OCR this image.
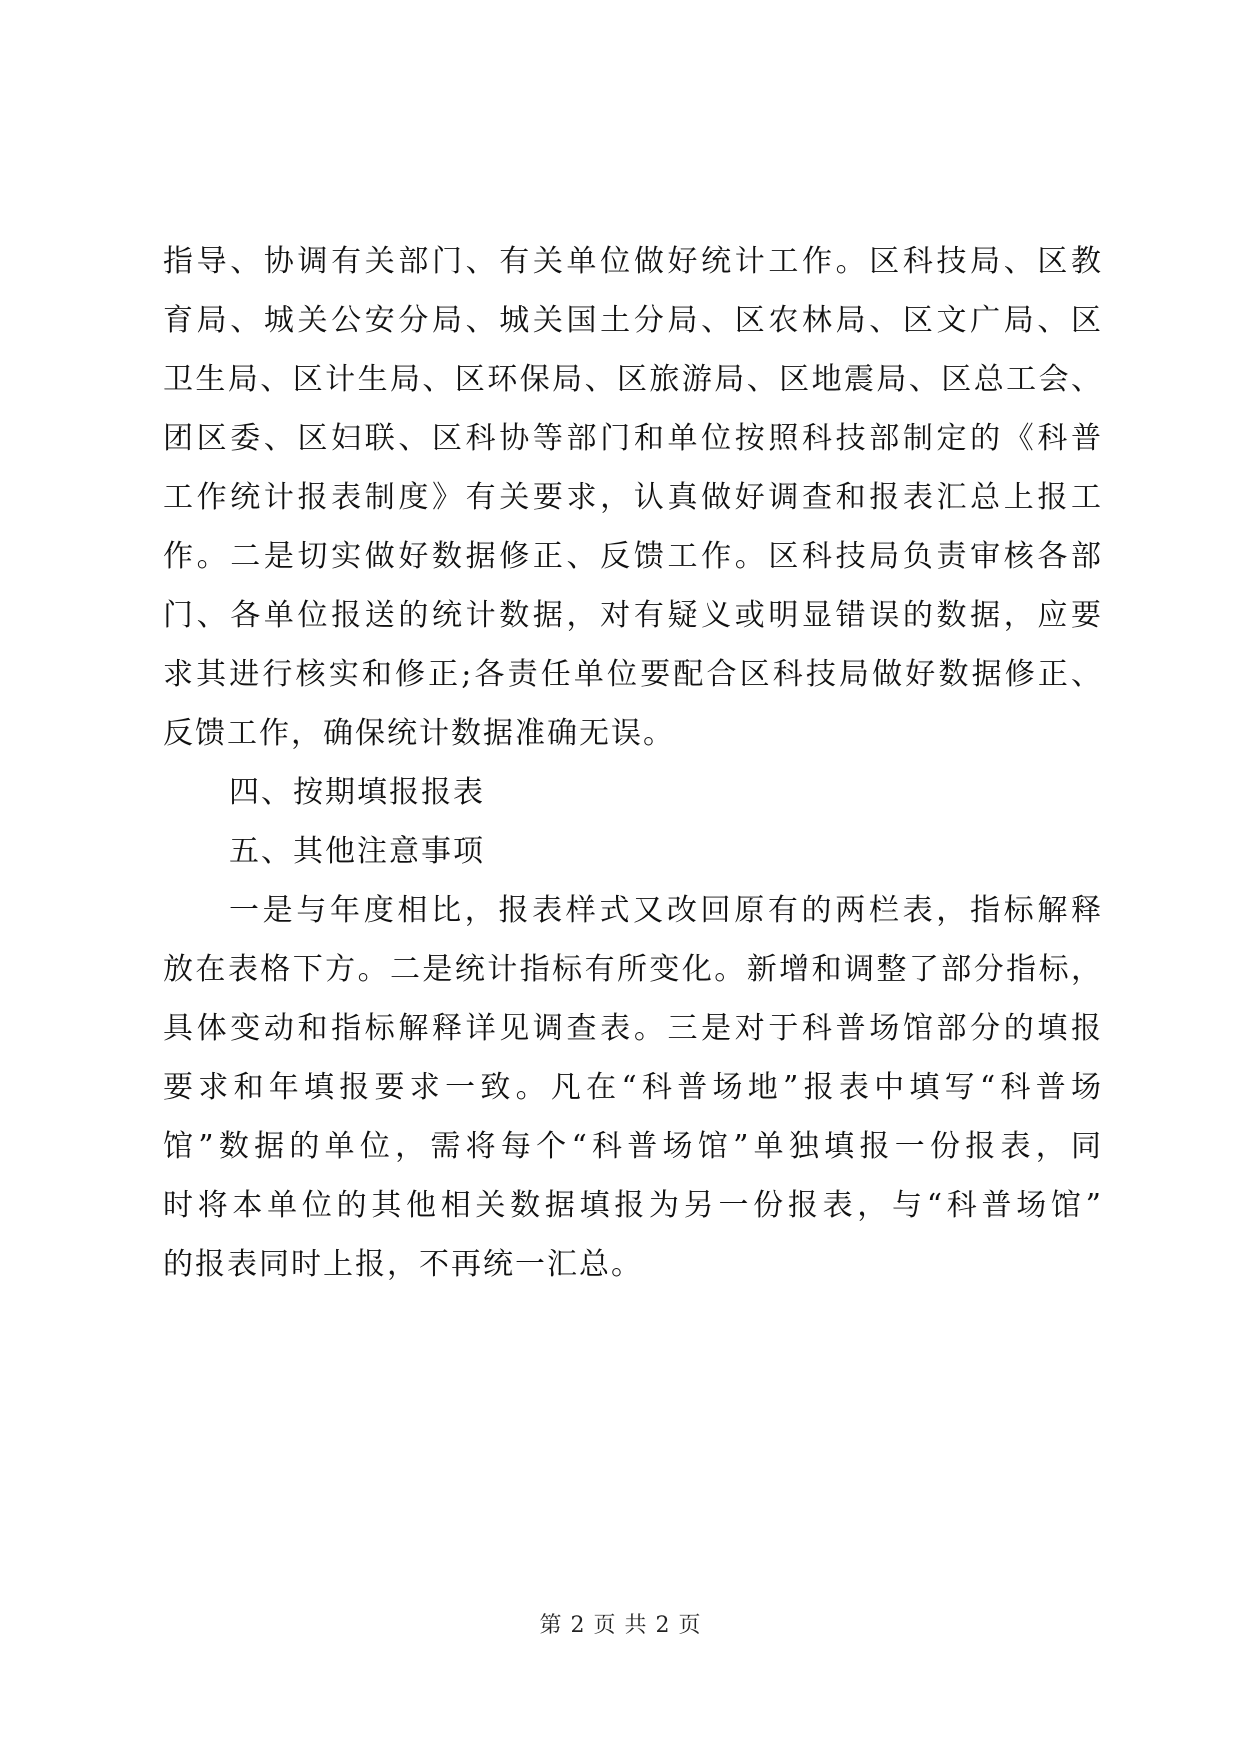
指导、协调有关部门、有关单位做好统计工作。区科技局、区教
育局、城关公安分局、城关国土分局、区农林局、区文广局、区
卫生局、区计生局、区环保局、区旅游局、区地震局、区总工会、
团区委、区妇联、区科协等部门和单位按照科技部制定的《科普
工作统计报表制度》有关要求，认真做好调查和报表汇总上报工
作。二是切实做好数据修正、反馈工作。区科技局负责审核各部
门、各单位报送的统计数据，对有疑义或明显错误的数据，应要
求其进行核实和修正;各责任单位要配合区科技局做好数据修正、
反馈工作，确保统计数据准确无误。
四、按期填报报表
五、其他注意事项
一是与年度相比，报表样式又改回原有的两栏表，指标解释
放在表格下方。二是统计指标有所变化。新增和调整了部分指标，
具体变动和指标解释详见调查表。三是对于科普场馆部分的填报
要求和年填报要求一致。凡在“科普场地”报表中填写“科普场
馆”数据的单位，需将每个“科普场馆”单独填报一份报表，同
时将本单位的其他相关数据填报为另一份报表，与“科普场馆”
的报表同时上报，不再统一汇总。
第 2 页 共 2 页
